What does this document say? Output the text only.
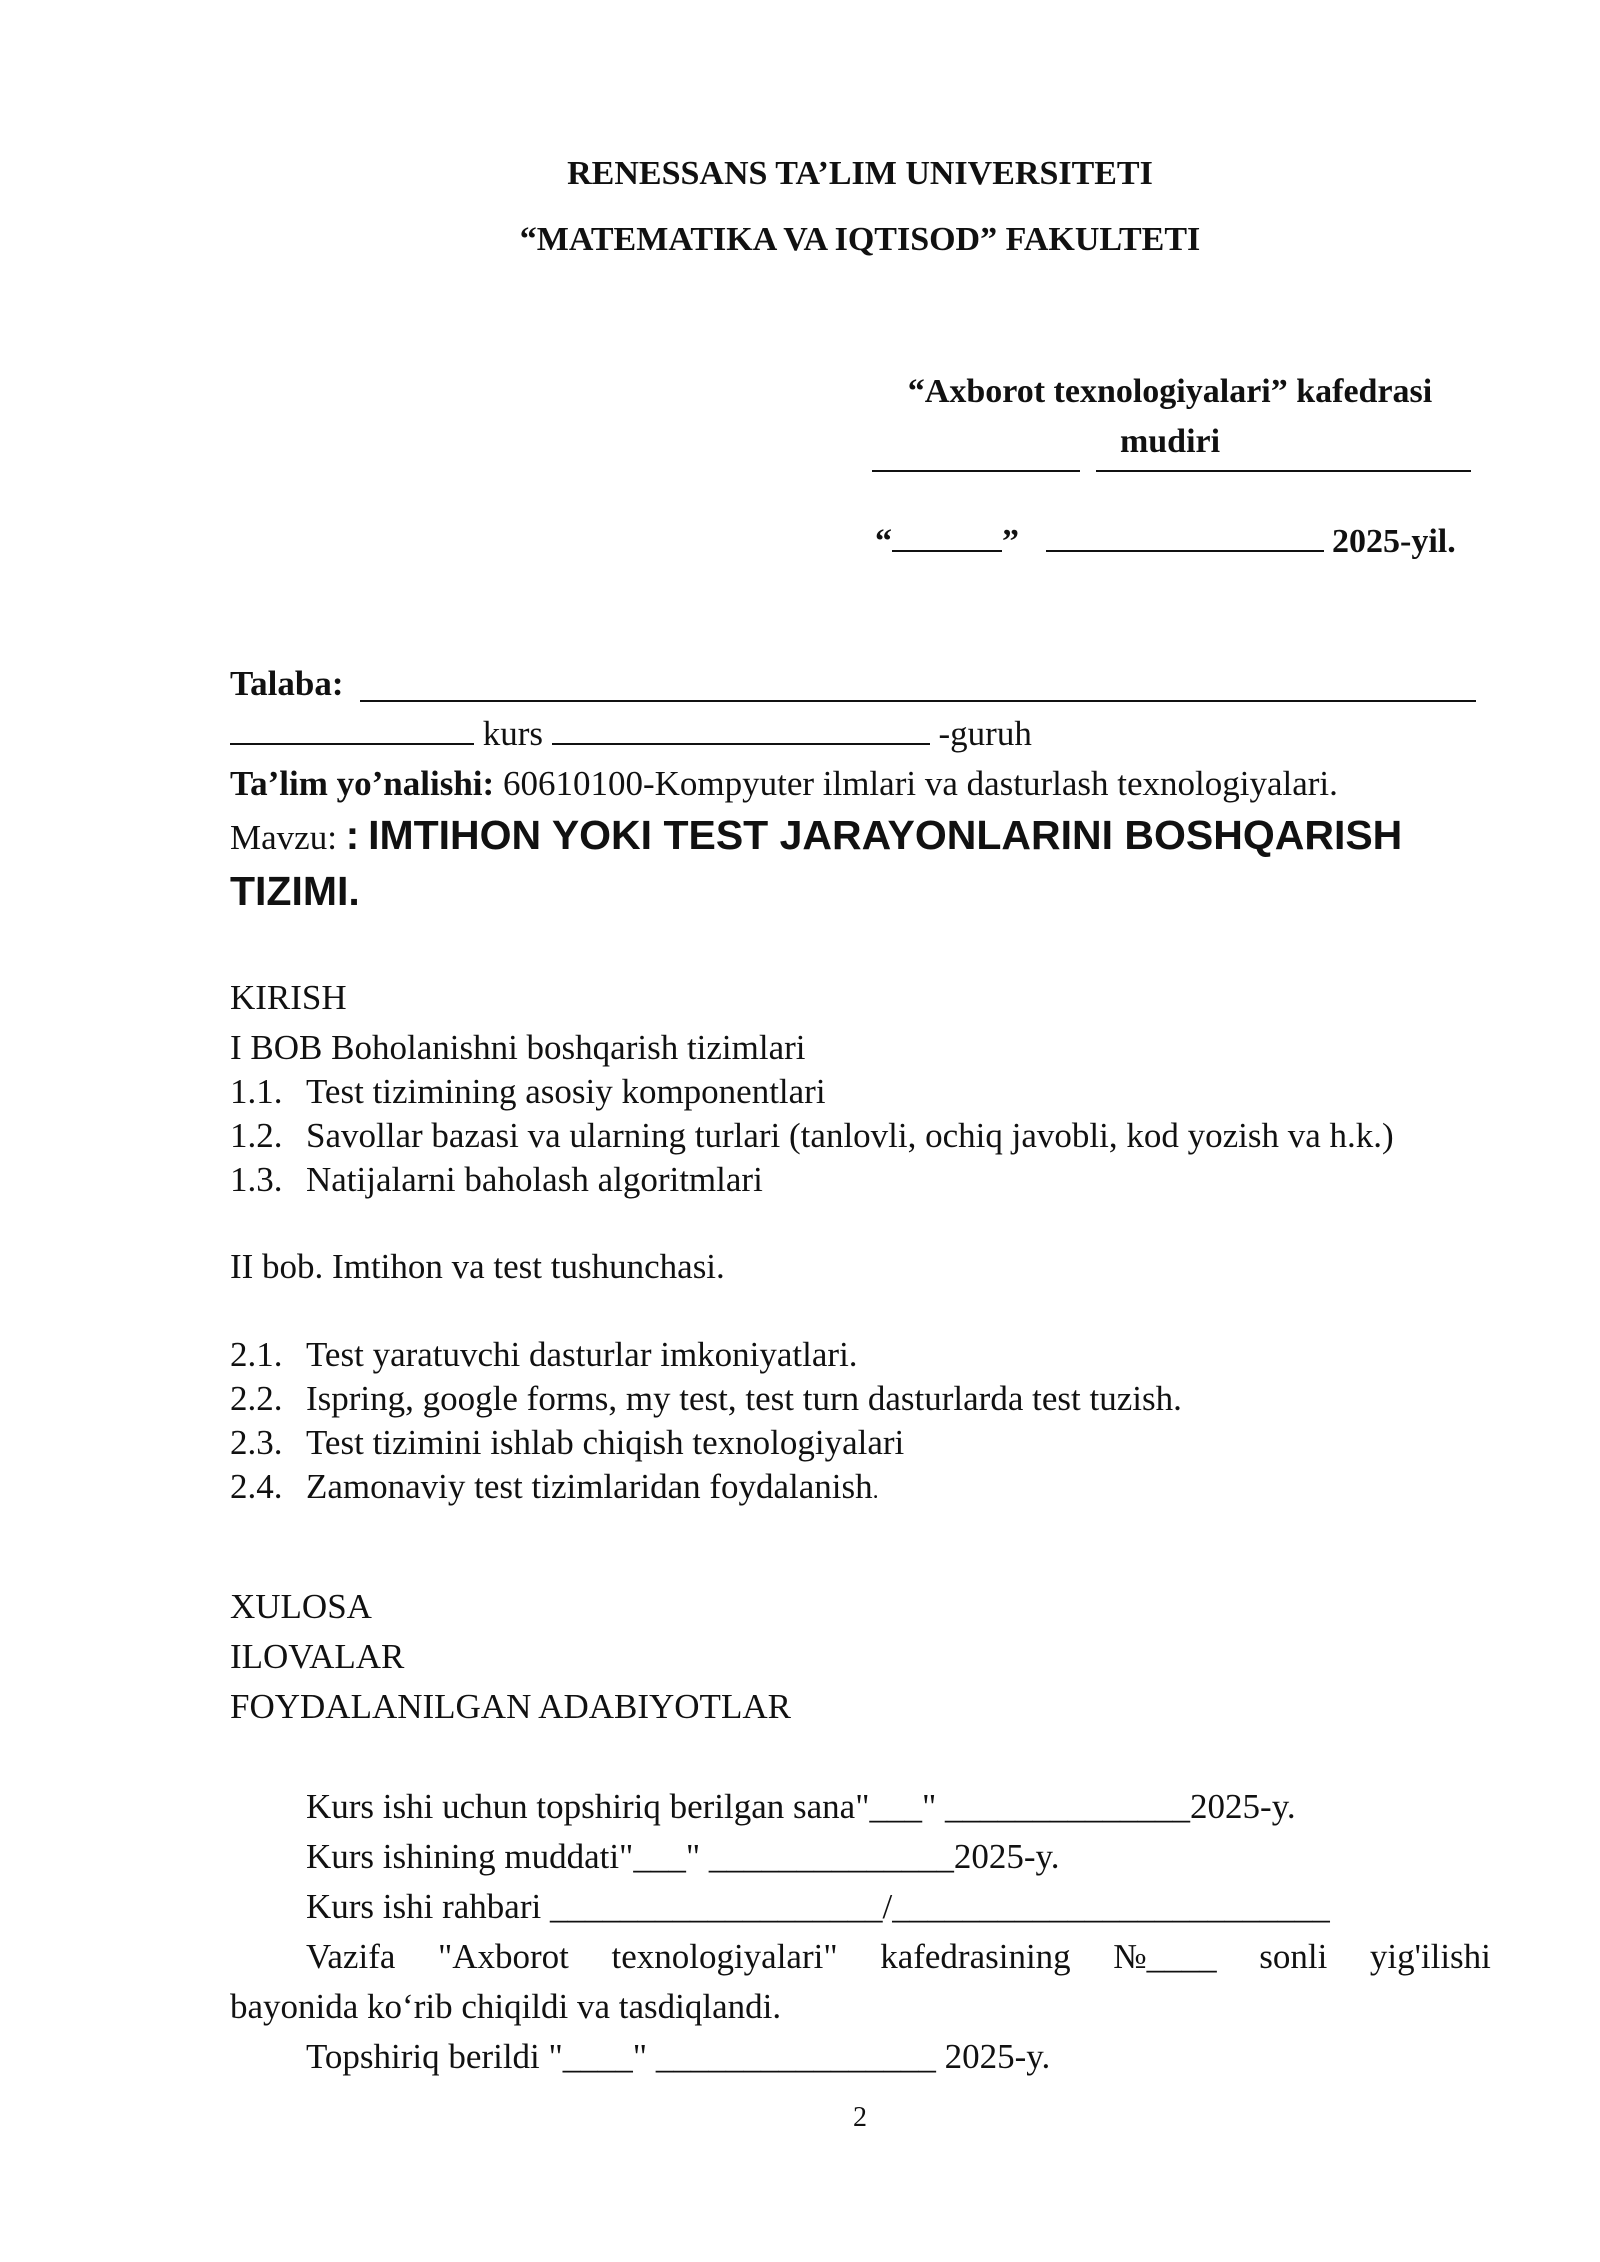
RENESSANS TA’LIM UNIVERSITETI
“MATEMATIKA VA IQTISOD” FAKULTETI
“Axborot texnologiyalari” kafedrasi
mudiri
“	”	2025-yil.
Talaba:
kurs	-guruh
Ta’lim yo’nalishi: 60610100-Kompyuter ilmlari va dasturlash texnologiyalari.
Mavzu: : IMTIHON YOKI TEST JARAYONLARINI BOSHQARISH
TIZIMI.
KIRISH
I BOB Boholanishni boshqarish tizimlari
1.1. Test tizimining asosiy komponentlari
1.2. Savollar bazasi va ularning turlari (tanlovli, ochiq javobli, kod yozish va h.k.)
1.3. Natijalarni baholash algoritmlari
II bob. Imtihon va test tushunchasi.
2.1. Test yaratuvchi dasturlar imkoniyatlari.
2.2. Ispring, google forms, my test, test turn dasturlarda test tuzish.
2.3. Test tizimini ishlab chiqish texnologiyalari
2.4. Zamonaviy test tizimlaridan foydalanish.
XULOSA
ILOVALAR
FOYDALANILGAN ADABIYOTLAR
Kurs ishi uchun topshiriq berilgan sana"___" ______________2025-y.
Kurs ishining muddati"___" ______________2025-y.
Kurs ishi rahbari ___________________/_________________________
Vazifa "Axborot texnologiyalari" kafedrasining №____ sonli yig'ilishi
bayonida ko‘rib chiqildi va tasdiqlandi.
Topshiriq berildi "____" ________________ 2025-y.
2
